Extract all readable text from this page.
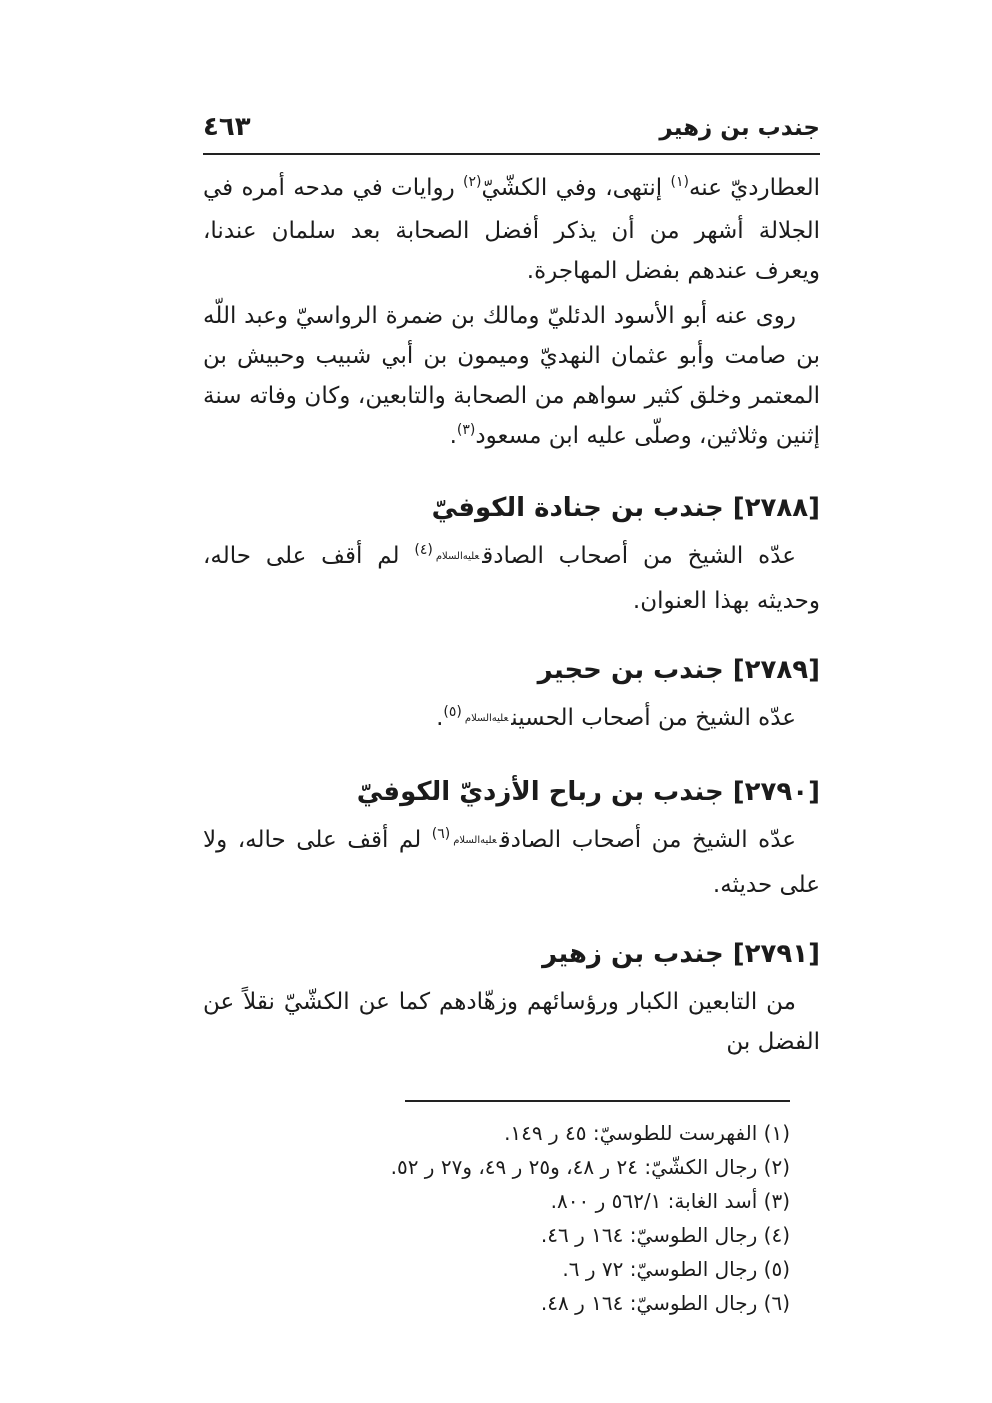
جندب بن زهير
٤٦٣

العطارديّ عنه$^{(١)}$ إنتهى، وفي الكشّيّ$^{(٢)}$ روايات في مدحه أمره في الجلالة أشهر من أن يذكر أفضل الصحابة بعد سلمان عندنا، ويعرف عندهم بفضل المهاجرة.

روى عنه أبو الأسود الدئليّ ومالك بن ضمرة الرواسيّ وعبد اللّه بن صامت وأبو عثمان النهديّ وميمون بن أبي شبيب وحبيش بن المعتمر وخلق كثير سواهم من الصحابة والتابعين، وكان وفاته سنة إثنين وثلاثين، وصلّى عليه ابن مسعود$^{(٣)}$.

[٢٧٨٨] جندب بن جنادة الكوفيّ

عدّه الشيخ من أصحاب الصادقعليه‌السلام$^{(٤)}$ لم أقف على حاله، وحديثه بهذا العنوان.

[٢٧٨٩] جندب بن حجير

عدّه الشيخ من أصحاب الحسينعليه‌السلام$^{(٥)}$.

[٢٧٩٠] جندب بن رباح الأزديّ الكوفيّ

عدّه الشيخ من أصحاب الصادقعليه‌السلام$^{(٦)}$ لم أقف على حاله، ولا على حديثه.

[٢٧٩١] جندب بن زهير

من التابعين الكبار ورؤسائهم وزهّادهم كما عن الكشّيّ نقلاً عن الفضل بن

(١) الفهرست للطوسيّ: ٤٥ ر ١٤٩.
(٢) رجال الكشّيّ: ٢٤ ر ٤٨، و٢٥ ر ٤٩، و٢٧ ر ٥٢.
(٣) أسد الغابة: ١‏/‏٥٦٢ ر ٨٠٠.
(٤) رجال الطوسيّ: ١٦٤ ر ٤٦.
(٥) رجال الطوسيّ: ٧٢ ر ٦.
(٦) رجال الطوسيّ: ١٦٤ ر ٤٨.
